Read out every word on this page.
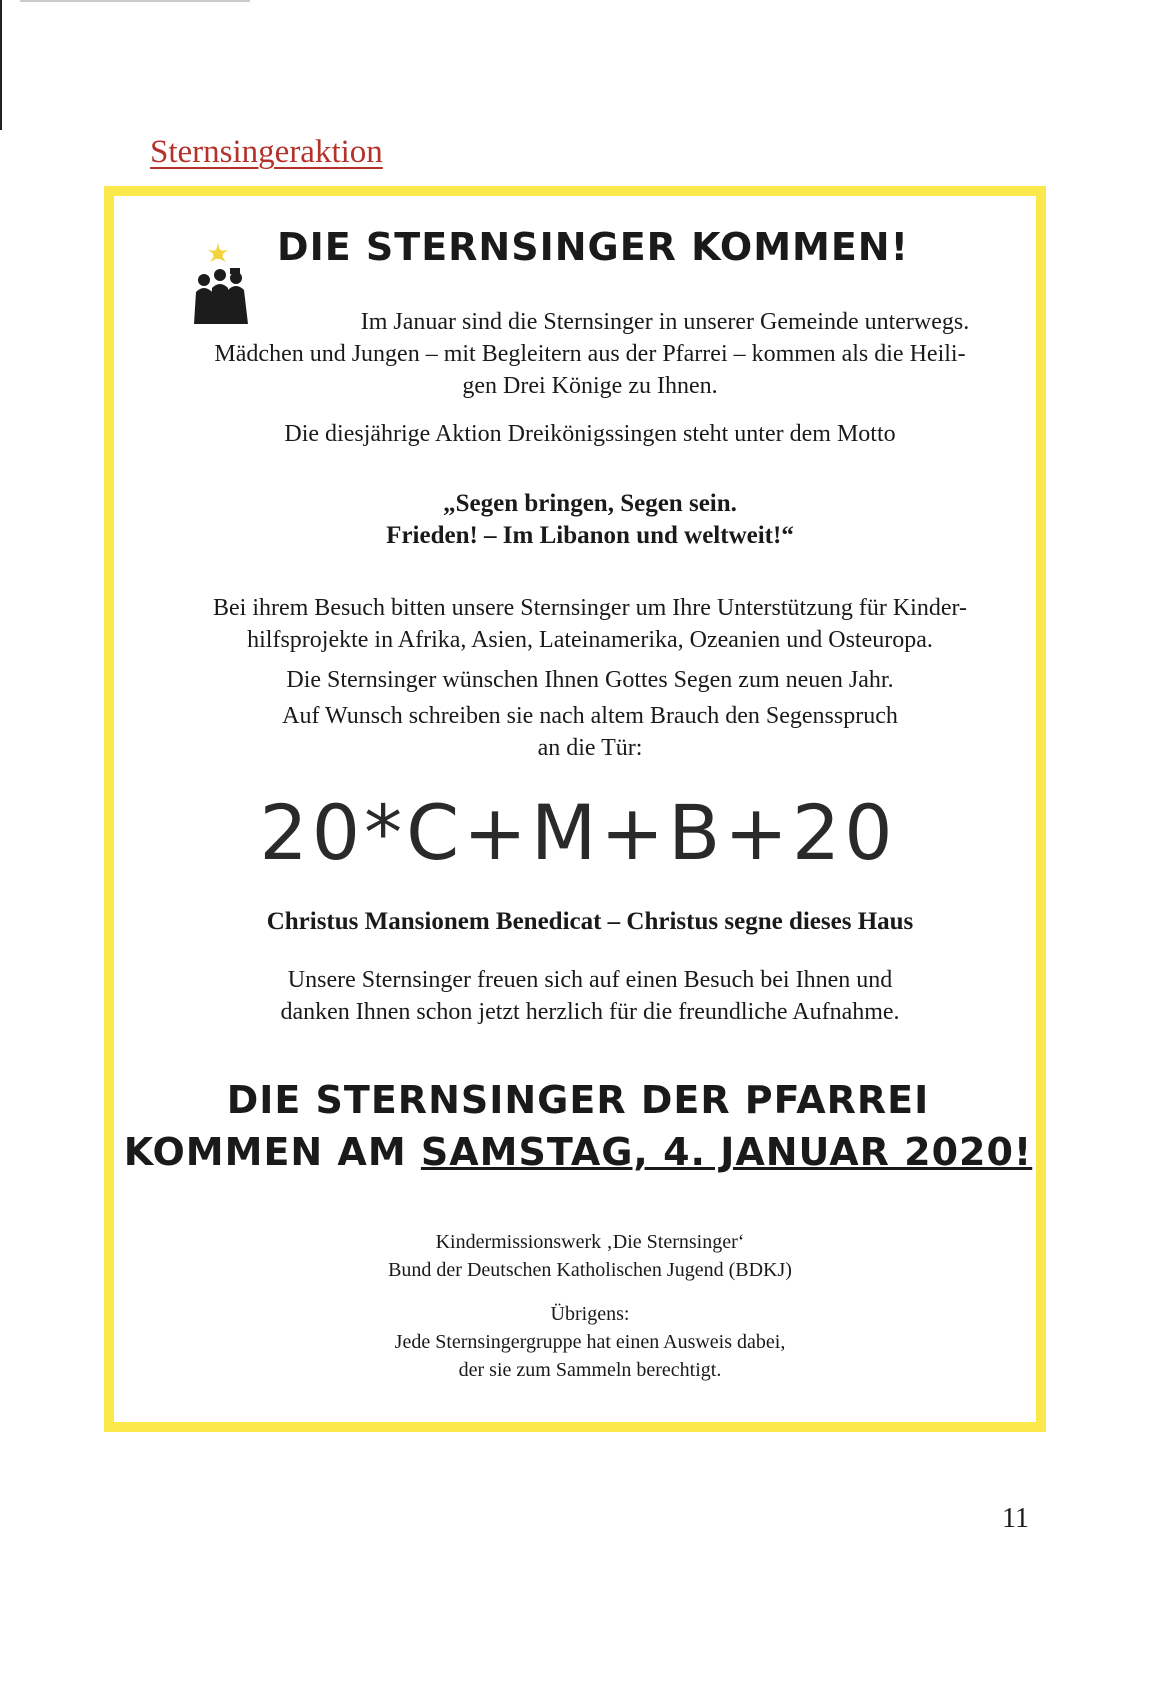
Sternsingeraktion
DIE STERNSINGER KOMMEN!
Im Januar sind die Sternsinger in unserer Gemeinde unterwegs.
Mädchen und Jungen – mit Begleitern aus der Pfarrei – kommen als die Heili-
gen Drei Könige zu Ihnen.
Die diesjährige Aktion Dreikönigssingen steht unter dem Motto
„Segen bringen, Segen sein.
Frieden! – Im Libanon und weltweit!“
Bei ihrem Besuch bitten unsere Sternsinger um Ihre Unterstützung für Kinder-
hilfsprojekte in Afrika, Asien, Lateinamerika, Ozeanien und Osteuropa.
Die Sternsinger wünschen Ihnen Gottes Segen zum neuen Jahr.
Auf Wunsch schreiben sie nach altem Brauch den Segensspruch
an die Tür:
20*C+M+B+20
Christus Mansionem Benedicat – Christus segne dieses Haus
Unsere Sternsinger freuen sich auf einen Besuch bei Ihnen und
danken Ihnen schon jetzt herzlich für die freundliche Aufnahme.
DIE STERNSINGER DER PFARREI
KOMMEN AM SAMSTAG, 4. JANUAR 2020!
Kindermissionswerk ‚Die Sternsinger‘
Bund der Deutschen Katholischen Jugend (BDKJ)
Übrigens:
Jede Sternsingergruppe hat einen Ausweis dabei,
der sie zum Sammeln berechtigt.
11
